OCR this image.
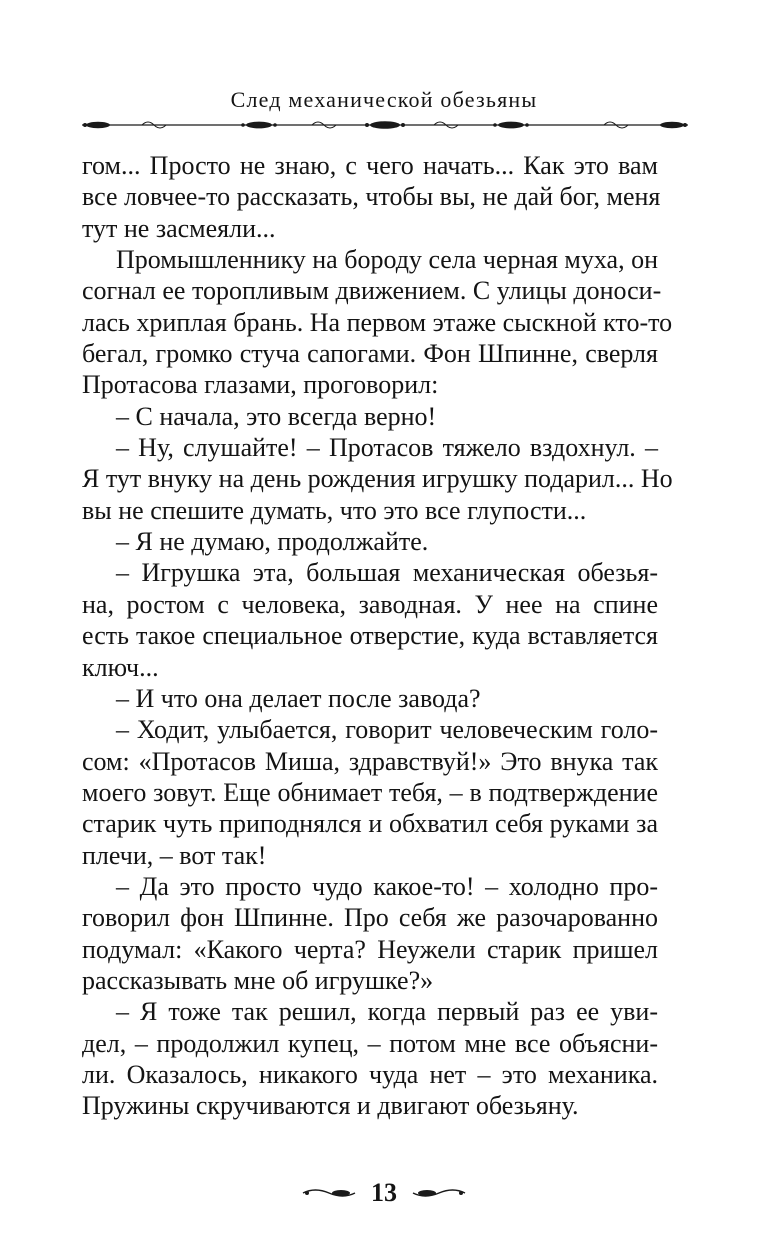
След механической обезьяны

гом... Просто не знаю, с чего начать... Как это вам
все ловчее-то рассказать, чтобы вы, не дай бог, меня
тут не засмеяли...

Промышленнику на бороду села черная муха, он
согнал ее торопливым движением. С улицы доноси-
лась хриплая брань. На первом этаже сыскной кто-то
бегал, громко стуча сапогами. Фон Шпинне, сверля
Протасова глазами, проговорил:

– С начала, это всегда верно!

– Ну, слушайте! – Протасов тяжело вздохнул. –
Я тут внуку на день рождения игрушку подарил... Но
вы не спешите думать, что это все глупости...

– Я не думаю, продолжайте.

– Игрушка эта, большая механическая обезья-
на, ростом с человека, заводная. У нее на спине
есть такое специальное отверстие, куда вставляется
ключ...

– И что она делает после завода?

– Ходит, улыбается, говорит человеческим голо-
сом: «Протасов Миша, здравствуй!» Это внука так
моего зовут. Еще обнимает тебя, – в подтверждение
старик чуть приподнялся и обхватил себя руками за
плечи, – вот так!

– Да это просто чудо какое-то! – холодно про-
говорил фон Шпинне. Про себя же разочарованно
подумал: «Какого черта? Неужели старик пришел
рассказывать мне об игрушке?»

– Я тоже так решил, когда первый раз ее уви-
дел, – продолжил купец, – потом мне все объясни-
ли. Оказалось, никакого чуда нет – это механика.
Пружины скручиваются и двигают обезьяну.

13
